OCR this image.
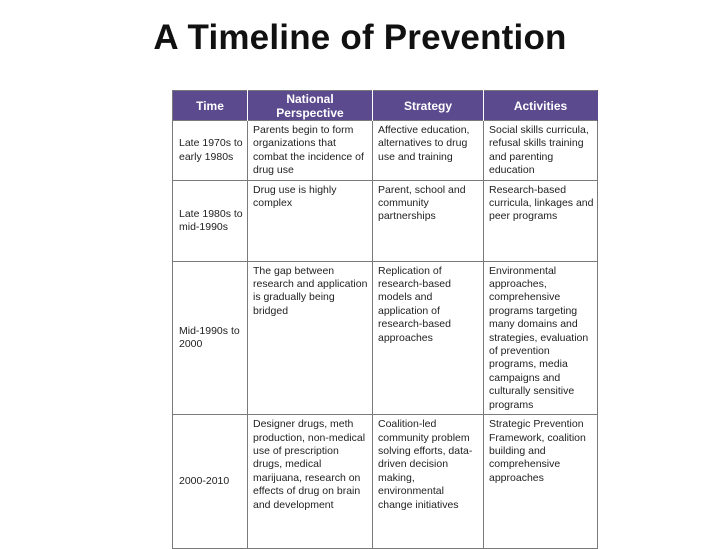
A Timeline of Prevention
Time	National Perspective	Strategy	Activities
Late 1970s to early 1980s	Parents begin to form organizations that combat the incidence of drug use	Affective education, alternatives to drug use and training	Social skills curricula, refusal skills training and parenting education
Late 1980s to mid-1990s	Drug use is highly complex	Parent, school and community partnerships	Research-based curricula, linkages and peer programs
Mid-1990s to 2000	The gap between research and application is gradually being bridged	Replication of research-based models and application of research-based approaches	Environmental approaches, comprehensive programs targeting many domains and strategies, evaluation of prevention programs, media campaigns and culturally sensitive programs
2000-2010	Designer drugs, meth production, non-medical use of prescription drugs, medical marijuana, research on effects of drug on brain and development	Coalition-led community problem solving efforts, data-driven decision making, environmental change initiatives	Strategic Prevention Framework, coalition building and comprehensive approaches
